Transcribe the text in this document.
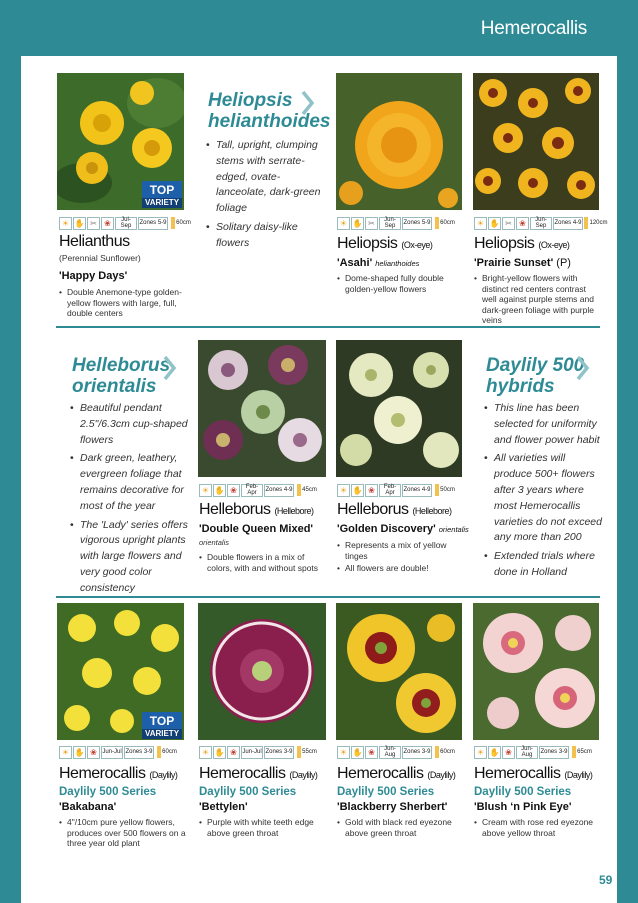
Hemerocallis
TOP
VARIETY
☀ ✋ ✂ ❀	Jul-Sep	Zones 5-9 60cm
Helianthus
(Perennial Sunflower)
'Happy Days'
• Double Anemone-type golden-yellow flowers with large, full, double centers
Heliopsis
helianthoides
• Tall, upright, clumping stems with serrate-edged, ovate-lanceolate, dark-green foliage
• Solitary daisy-like flowers
☀ ✋ ✂	Jun-Sep	Zones 5-9 60cm
Heliopsis (Ox-eye)
'Asahi' helianthoides
• Dome-shaped fully double golden-yellow flowers
☀ ✋ ✂ ❀	Jun-Sep	Zones 4-9 120cm
Heliopsis (Ox-eye)
'Prairie Sunset' (P)
• Bright-yellow flowers with distinct red centers contrast well against purple stems and dark-green foliage with purple veins
Helleborus
orientalis
• Beautiful pendant 2.5"/6.3cm cup-shaped flowers
• Dark green, leathery, evergreen foliage that remains decorative for most of the year
• The 'Lady' series offers vigorous upright plants with large flowers and very good color consistency
☀ ✋ ❀	Feb-Apr	Zones 4-9 45cm
Helleborus (Hellebore)
'Double Queen Mixed'
orientalis
• Double flowers in a mix of colors, with and without spots
☀ ✋ ❀	Feb-Apr	Zones 4-9 50cm
Helleborus (Hellebore)
'Golden Discovery' orientalis
• Represents a mix of yellow tinges
• All flowers are double!
Daylily 500
hybrids
• This line has been selected for uniformity and flower power habit
• All varieties will produce 500+ flowers after 3 years where most Hemerocallis varieties do not exceed any more than 200
• Extended trials where done in Holland
TOP
VARIETY
☀ ✋ ❀ Jun-Jul Zones 3-9 60cm
Hemerocallis (Daylily)
Daylily 500 Series
'Bakabana'
• 4"/10cm pure yellow flowers, produces over 500 flowers on a three year old plant
☀ ✋ ❀ Jun-Jul Zones 3-9 55cm
Hemerocallis (Daylily)
Daylily 500 Series
'Bettylen'
• Purple with white teeth edge above green throat
☀ ✋ ❀	Jun-Aug	Zones 3-9 60cm
Hemerocallis (Daylily)
Daylily 500 Series
'Blackberry Sherbert'
• Gold with black red eyezone above green throat
☀ ✋ ❀	Jun-Aug	Zones 3-9 65cm
Hemerocallis (Daylily)
Daylily 500 Series
'Blush ‘n Pink Eye'
• Cream with rose red eyezone above yellow throat
59
